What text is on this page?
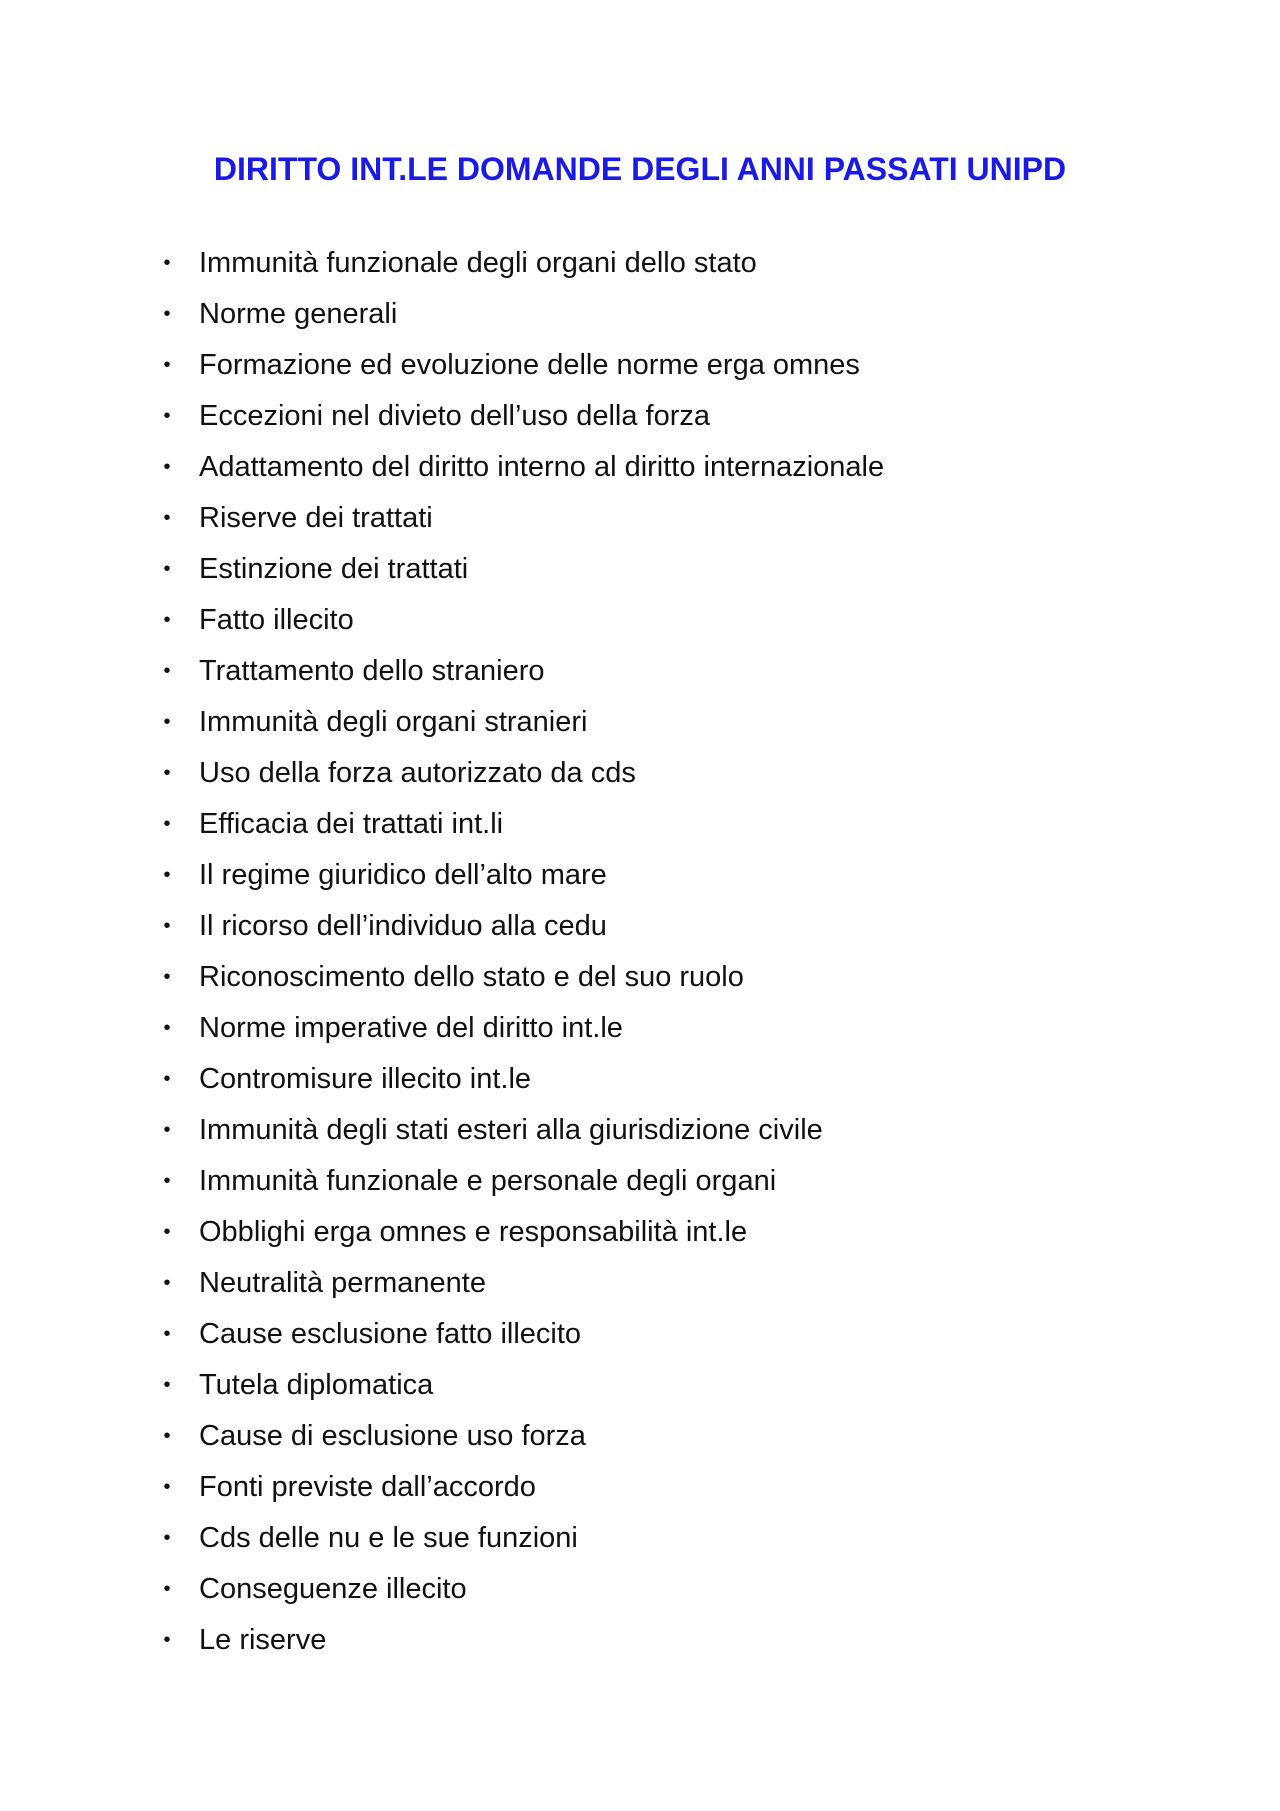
DIRITTO INT.LE DOMANDE DEGLI ANNI PASSATI UNIPD
• Immunità funzionale degli organi dello stato
• Norme generali
• Formazione ed evoluzione delle norme erga omnes
• Eccezioni nel divieto dell’uso della forza
• Adattamento del diritto interno al diritto internazionale
• Riserve dei trattati
• Estinzione dei trattati
• Fatto illecito
• Trattamento dello straniero
• Immunità degli organi stranieri
• Uso della forza autorizzato da cds
• Efficacia dei trattati int.li
• Il regime giuridico dell’alto mare
• Il ricorso dell’individuo alla cedu
• Riconoscimento dello stato e del suo ruolo
• Norme imperative del diritto int.le
• Contromisure illecito int.le
• Immunità degli stati esteri alla giurisdizione civile
• Immunità funzionale e personale degli organi
• Obblighi erga omnes e responsabilità int.le
• Neutralità permanente
• Cause esclusione fatto illecito
• Tutela diplomatica
• Cause di esclusione uso forza
• Fonti previste dall’accordo
• Cds delle nu e le sue funzioni
• Conseguenze illecito
• Le riserve
